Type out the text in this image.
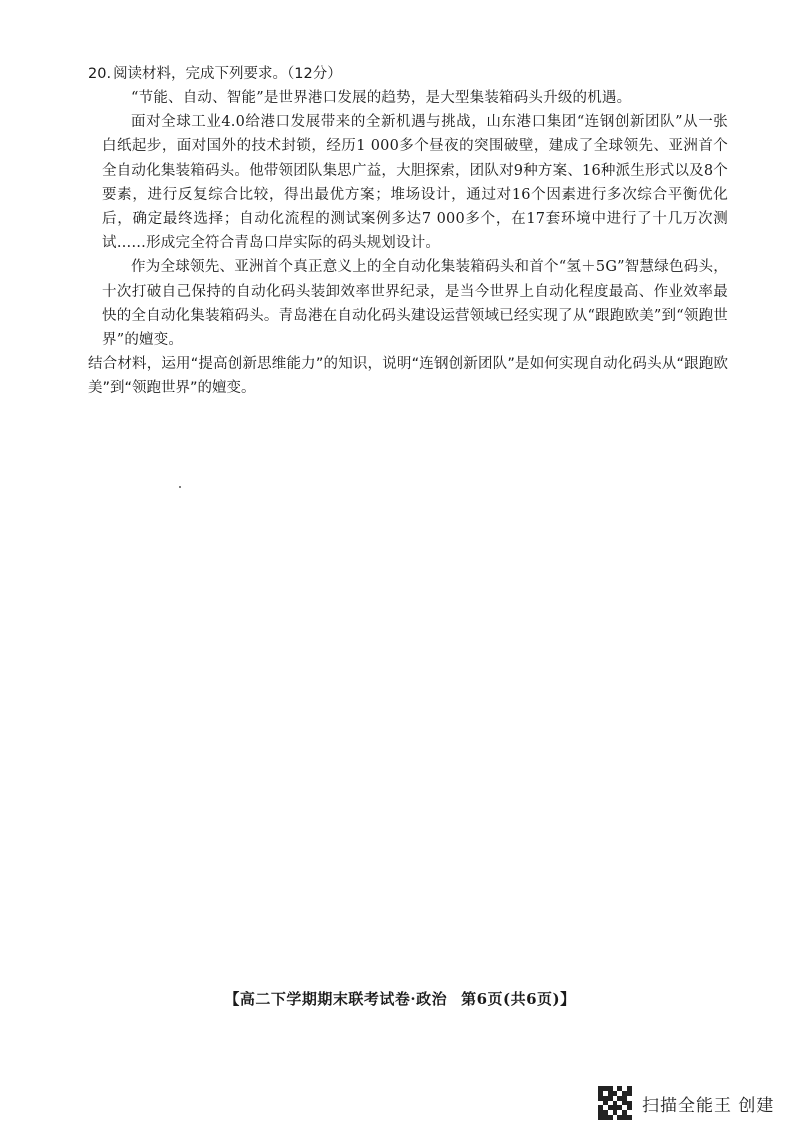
20. 阅读材料，完成下列要求。（12分）

“节能、自动、智能”是世界港口发展的趋势，是大型集装箱码头升级的机遇。

面对全球工业4.0给港口发展带来的全新机遇与挑战，山东港口集团“连钢创新团队”从一张白纸起步，面对国外的技术封锁，经历1 000多个昼夜的突围破壁，建成了全球领先、亚洲首个全自动化集装箱码头。他带领团队集思广益，大胆探索，团队对9种方案、16种派生形式以及8个要素，进行反复综合比较，得出最优方案；堆场设计，通过对16个因素进行多次综合平衡优化后，确定最终选择；自动化流程的测试案例多达7 000多个，在17套环境中进行了十几万次测试……形成完全符合青岛口岸实际的码头规划设计。

作为全球领先、亚洲首个真正意义上的全自动化集装箱码头和首个“氢＋5G”智慧绿色码头，十次打破自己保持的自动化码头装卸效率世界纪录，是当今世界上自动化程度最高、作业效率最快的全自动化集装箱码头。青岛港在自动化码头建设运营领域已经实现了从“跟跑欧美”到“领跑世界”的嬗变。

结合材料，运用“提高创新思维能力”的知识，说明“连钢创新团队”是如何实现自动化码头从“跟跑欧美”到“领跑世界”的嬗变。

【高二下学期期末联考试卷·政治 第6页(共6页)】
扫描全能王 创建
